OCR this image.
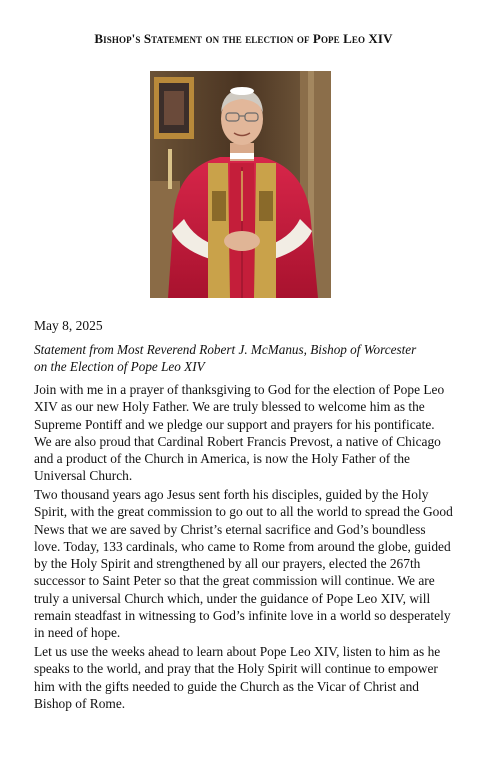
Bishop's Statement on the election of Pope Leo XIV
May 8, 2025
Statement from Most Reverend Robert J. McManus, Bishop of Worcester
on the Election of Pope Leo XIV
Join with me in a prayer of thanksgiving to God for the election of Pope Leo XIV as our new Holy Father. We are truly blessed to welcome him as the Supreme Pontiff and we pledge our support and prayers for his pontificate. We are also proud that Cardinal Robert Francis Prevost, a native of Chicago and a product of the Church in America, is now the Holy Father of the Universal Church.
Two thousand years ago Jesus sent forth his disciples, guided by the Holy Spirit, with the great commission to go out to all the world to spread the Good News that we are saved by Christ’s eternal sacrifice and God’s boundless love. Today, 133 cardinals, who came to Rome from around the globe, guided by the Holy Spirit and strengthened by all our prayers, elected the 267th successor to Saint Peter so that the great commission will continue. We are truly a universal Church which, under the guidance of Pope Leo XIV, will remain steadfast in witnessing to God’s infinite love in a world so desperately in need of hope.
Let us use the weeks ahead to learn about Pope Leo XIV, listen to him as he speaks to the world, and pray that the Holy Spirit will continue to empower him with the gifts needed to guide the Church as the Vicar of Christ and Bishop of Rome.
